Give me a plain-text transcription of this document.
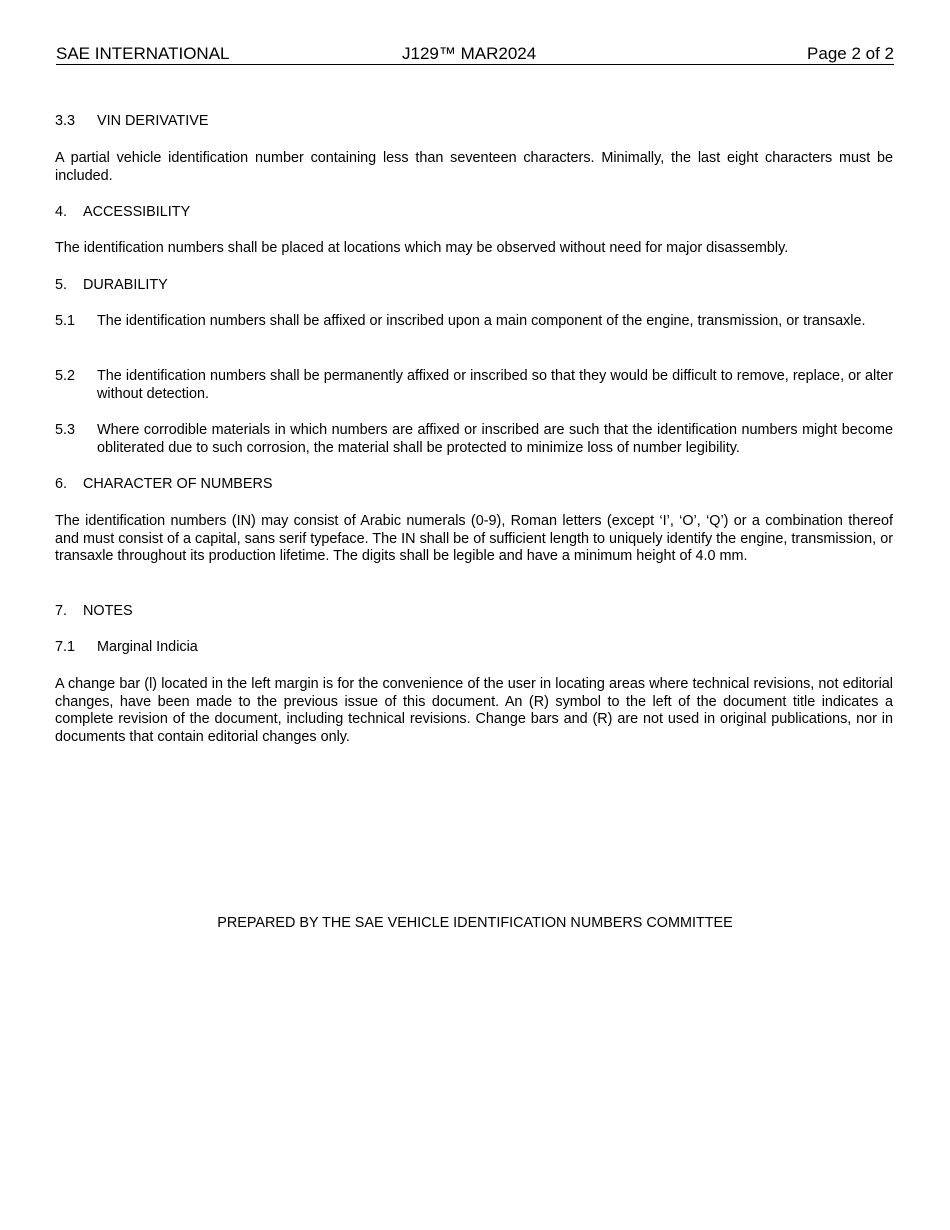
SAE INTERNATIONAL	J129™ MAR2024	Page 2 of 2
3.3 VIN DERIVATIVE
A partial vehicle identification number containing less than seventeen characters. Minimally, the last eight characters must be included.
4. ACCESSIBILITY
The identification numbers shall be placed at locations which may be observed without need for major disassembly.
5. DURABILITY
5.1 The identification numbers shall be affixed or inscribed upon a main component of the engine, transmission, or transaxle.
5.2 The identification numbers shall be permanently affixed or inscribed so that they would be difficult to remove, replace, or alter without detection.
5.3 Where corrodible materials in which numbers are affixed or inscribed are such that the identification numbers might become obliterated due to such corrosion, the material shall be protected to minimize loss of number legibility.
6. CHARACTER OF NUMBERS
The identification numbers (IN) may consist of Arabic numerals (0-9), Roman letters (except ‘I’, ‘O’, ‘Q’) or a combination thereof and must consist of a capital, sans serif typeface. The IN shall be of sufficient length to uniquely identify the engine, transmission, or transaxle throughout its production lifetime. The digits shall be legible and have a minimum height of 4.0 mm.
7. NOTES
7.1 Marginal Indicia
A change bar (l) located in the left margin is for the convenience of the user in locating areas where technical revisions, not editorial changes, have been made to the previous issue of this document. An (R) symbol to the left of the document title indicates a complete revision of the document, including technical revisions. Change bars and (R) are not used in original publications, nor in documents that contain editorial changes only.
PREPARED BY THE SAE VEHICLE IDENTIFICATION NUMBERS COMMITTEE
